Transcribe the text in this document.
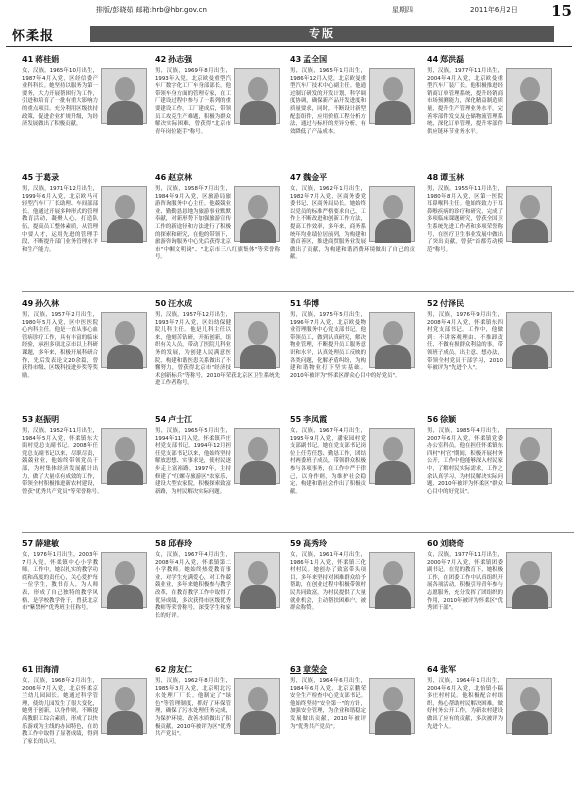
排版/彭晓茹 邮箱:hrb@hbr.gov.cn	星期四	2011年6月2日 15
怀柔报	专版
41 蒋桂娟
女，汉族，1965年10月出生，1987年4月入党，区经信委产业科科长。她坚持以服务为第一要务，大力开展帮困行为工作，引进和培育了一批有重大影响力的重点项目。充分利用区级扶持政策，促进企业扩规升级，为经济发展做出了积极贡献。
42 孙志强
男，汉族，1969年8月出生，1993年入党，北京欧曼重型汽车厂数字化工厂车身部部长。他带领车身方面的管理专家，在工厂建设过程中参与了一系列的重要建设工作，工厂建成后，带领员工攻克生产难题，积极为群众解决实际困难，曾获得"北京市青年岗位能手"称号。
43 孟全国
男，汉族，1965年1月出生，1986年12月入党，北京欧曼重型汽车厂技术中心副主任。他通过制订研发的开发计划，科学调度协调，确保新产品开发进度和质量要求，同时，不断设计新型配套组件，应用价值工程分析方法，通过与标杆的差异分析，有效降低了产品成本。
44 郑洪磊
男，汉族，1977年11月出生，2004年4月入党，北京欧曼重型汽车厂装厂长。他积极推进经销商订单管理系统，提升经销商市场预测能力，深化精益制造质量，提升生产管理业务水平，完善零部件发交及仓储物流管理系统，深化订单管理，提升零部件供应链环节业务水平。
45 于葛录
男，汉族，1971年12月出生，1999年6月入党，北京欧马可轻型汽车厂厂长助理、车间部部长。他通过开展多种形式的管理教育活动，凝聚人心，打造队伍，提高员工整体素质，从管理中要人才，运用先进的管理手段，不断提升部门业务管理水平和生产能力。
46 赵京林
男，汉族，1958年7月出生，1984年9月入党，区旅游局旅游咨询服务中心主任。他兢兢业业、勤勤恳恳地为旅游事业默默奉献，对新形势下加强旅游宣传工作的新途径和方法进行了积极的探索和研究，在他的带领下，旅游咨询服务中心先后获得北京市"中帼文明岗"、"北京市三八红旗集体"等荣誉称号。
47 魏金平
女，汉族，1962年1月出生，1982年7月入党，区商务委党委书记、区商务局局长。她始终以党员的标准严格要求自己，工作上不断改进和创新工作方法，提高工作效率，多年来，商务系统年均业绩位居前列，为构建和谐首善区，推进商贸服务业发展做出了贡献，为构建和谐消费环境做出了自己的贡献。
48 谭玉林
男，汉族，1955年11月出生，1980年8月入党，区第一医院耳鼻喉科主任。他始终致力于耳鼻喉疾病的诊疗和研究，完成了多项临床课题研究，曾获全国卫生系统先进工作者和多项荣誉称号，在医疗卫生事业发展中做出了突出贡献，曾获"首都劳动模范"称号。
49 孙久林
男，汉族，1957年2月出生，1980年5月入党，区中医医院心内科主任。他是一直从事心血管病诊疗工作，具有丰富的临床经验，承担多项北京市以上科研课题，多年来，积极开展科研合作，先后发表论文20余篇，曾获得市级、区级科技进步奖等奖励。
50 汪水成
男，汉族，1957年12月出生，1993年7月入党，区妇幼保健院儿科主任。他是儿科主任以来，他刻苦钻研，开拓创新，组织有关人员，带动了医院儿科业务的发展，为创建人民满意医院，构建和谐医患关系做出了不懈努力，曾获得北京市"经济技术创新标兵"等称号，2010年荣获北京区卫生系统先进工作者称号。
51 华博
男，汉族，1975年5月出生，1996年7月入党，北京欧曼物业管理服务中心党支部书记。他带领员工，做到认真研究，解决物业管理，不断提升员工服务意识和水平，认真处理员工反映的各类问题，化解矛盾纠纷，为构建和谐物业打下坚实基础。2010年被评为"怀柔区群众心目中的好党员"。
52 付泽民
男，汉族，1976年9月出生，2008年4月入党，怀柔镇东四村党支部书记。工作中，他做到：不讲客观理由、不推卸责任、不做有损群众利益的事，带领班子成员，出主意、想办法，带领全村党员干部学习，2010年被评为"先进个人"。
53 赵振明
男，汉族，1952年11月出生，1984年5月入党，怀柔镇东大街村党总支副书记。2008年任党总支副书记以来，尽职尽责，兢兢业业，他始终带领党员干部，为村集体经济发展献计出力，做了大量卓有成效的工作，带领全村积极推进新农村建设，曾获"优秀共产党员"等荣誉称号。
54 卢士江
男，汉族，1965年5月出生，1994年11月入党，怀柔镇芦庄村党支部书记。1994年12月担任党支部书记以来，他始终坚持解放思想、实事求是，使村民逐步走上富裕路。1997年，主持修建了"红螺寺旅游区"农家乐，建设大型农家院，积极探索致富新路，为村民解决实际问题。
55 李凤霞
女，汉族，1967年4月出生，1995年9月入党，潘家园村党支部副书记。她在党支部书记岗位上任劳任怨、勤恳工作，团结村两委班子成员，带领群众积极参与各项事务，在工作中严于律己，以身作则，为维护社会稳定，构建和谐社会作出了积极贡献。
56 徐颖
男，汉族，1985年4月出生，2007年6月入党，怀柔镇党委办公室科员。他在担任怀柔镇东四村"村官"期间，积极开展村务公开，工作中他能够深入村民家中，了解村民实际需求，工作之余认真学习，为村民解决实际问题，2010年被评为怀柔区"群众心目中的好党员"。
57 薛建敏
女，1976年1月出生，2003年7月入党，怀柔镇中心小学教师。工作中，她以扎实的教学功底和高度的责任心，关心爱护每一位学生，教书育人，为人师表，形成了自己独特的教学风格，是学校教学骨干，曾获北京市"紫禁杯"优秀班主任称号。
58 邱春玲
女，汉族，1967年4月出生，2008年4月入党，怀柔镇第二小学教师。她始终热爱教育事业，对学生充满爱心，对工作兢兢业业，多年来她积极参与教学改革，在教育教学工作中取得了优异成绩，多次获得市区级优秀教师等荣誉称号，深受学生和家长的好评。
59 高秀玲
女，汉族，1961年4月出生，1986年1月入党，怀柔镇三化村村民。她创办了致富带头项目，多年来坚持对困难群众给予帮助，在创业过程中积极带领村民共同致富，为村民提供了大量就业机会，主动帮扶困难户，被群众称赞。
60 刘晓奇
女，汉族，1977年11月出生，2000年7月入党，怀柔镇团委副书记。在党的教育下，她积极工作，在团委工作中认真组织开展各项活动，积极引导青年参与志愿服务，充分发挥了团组织的作用，2010年被评为怀柔区"优秀团干部"。
61 田海清
女，汉族，1968年2月出生，2006年7月入党，北京怀柔京兰幼儿园园长。她通过科学管理，使幼儿园发生了很大变化，她勇于创新，以身作则，不断提高教职工综合素质，形成了以快乐游戏为主线的办园特色，在幼教工作中取得了显著成绩，得到了家长的认可。
62 房友仁
男，汉族，1962年8月出生，1985年3月入党，北京明北污水处理厂厂长。他制定了"绿色"等管理制度，抓好了环保管理，确保了污水处理任务完成，为保护环境、改善水质做出了积极贡献，2010年被评为区"优秀共产党员"。
63 章荣会
男，汉族，1964年6月出生，1984年6月入党，北京京鹏荣安全生产检查中心党支部书记。他始终坚持"安全第一"的方针，加强安全管理，为企业和谐稳定发展做出贡献，2010年被评为"优秀共产党员"。
64 张军
男，汉族，1964年1月出生，2004年6月入党，北怡镇小稿多庄村村民。他积极配合村组织，热心帮助村民解决困难，做好村务公开工作，为新农村建设做出了应有的贡献，多次被评为先进个人。
